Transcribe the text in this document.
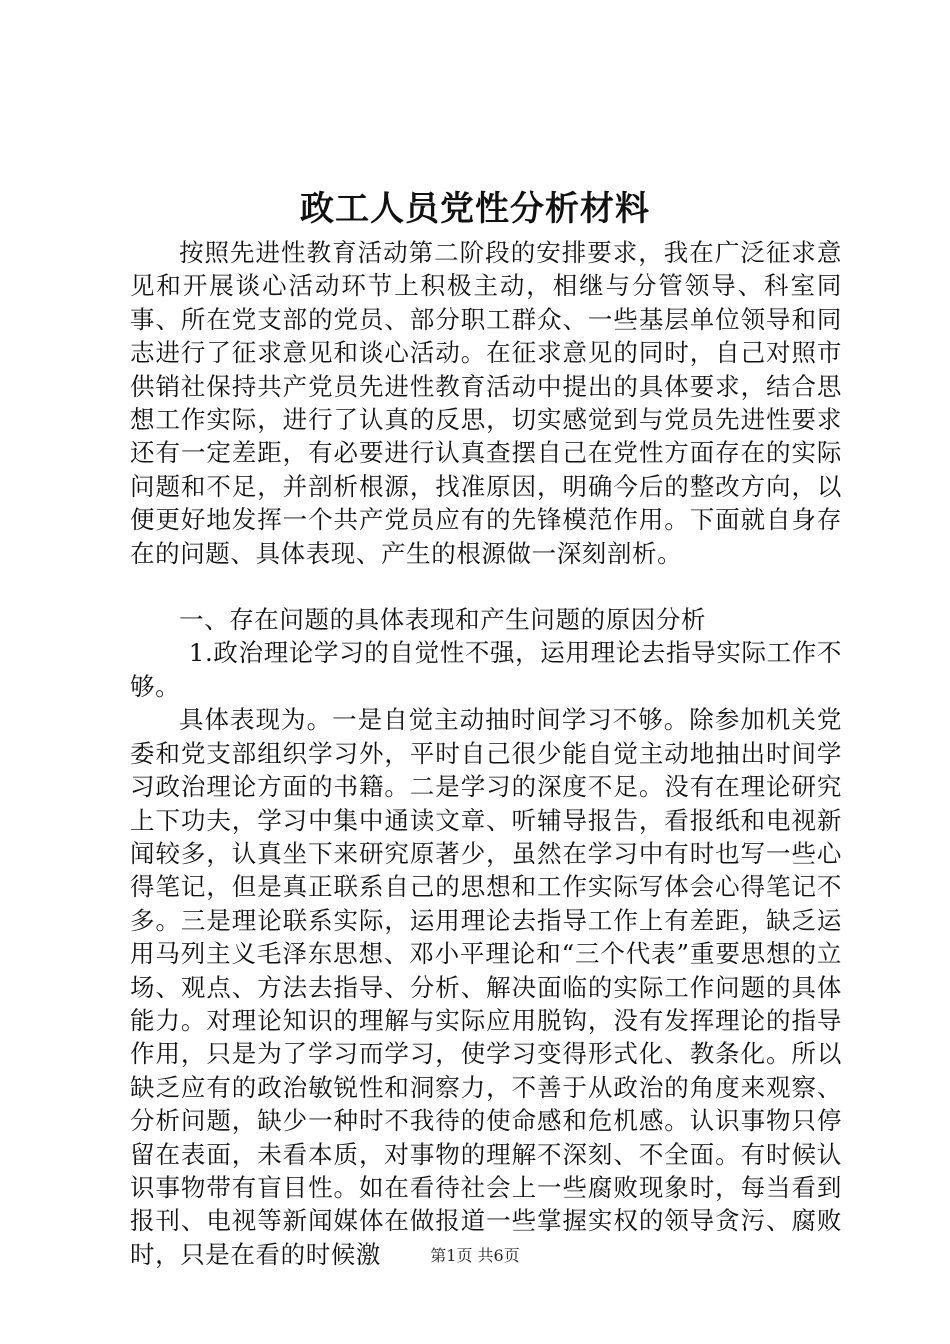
政工人员党性分析材料

按照先进性教育活动第二阶段的安排要求，我在广泛征求意见和开展谈心活动环节上积极主动，相继与分管领导、科室同事、所在党支部的党员、部分职工群众、一些基层单位领导和同志进行了征求意见和谈心活动。在征求意见的同时，自己对照市供销社保持共产党员先进性教育活动中提出的具体要求，结合思想工作实际，进行了认真的反思，切实感觉到与党员先进性要求还有一定差距，有必要进行认真查摆自己在党性方面存在的实际问题和不足，并剖析根源，找准原因，明确今后的整改方向，以便更好地发挥一个共产党员应有的先锋模范作用。下面就自身存在的问题、具体表现、产生的根源做一深刻剖析。

一、存在问题的具体表现和产生问题的原因分析

1.政治理论学习的自觉性不强，运用理论去指导实际工作不够。

具体表现为。一是自觉主动抽时间学习不够。除参加机关党委和党支部组织学习外，平时自己很少能自觉主动地抽出时间学习政治理论方面的书籍。二是学习的深度不足。没有在理论研究上下功夫，学习中集中通读文章、听辅导报告，看报纸和电视新闻较多，认真坐下来研究原著少，虽然在学习中有时也写一些心得笔记，但是真正联系自己的思想和工作实际写体会心得笔记不多。三是理论联系实际，运用理论去指导工作上有差距，缺乏运用马列主义毛泽东思想、邓小平理论和“三个代表”重要思想的立场、观点、方法去指导、分析、解决面临的实际工作问题的具体能力。对理论知识的理解与实际应用脱钩，没有发挥理论的指导作用，只是为了学习而学习，使学习变得形式化、教条化。所以缺乏应有的政治敏锐性和洞察力，不善于从政治的角度来观察、分析问题，缺少一种时不我待的使命感和危机感。认识事物只停留在表面，未看本质，对事物的理解不深刻、不全面。有时候认识事物带有盲目性。如在看待社会上一些腐败现象时，每当看到报刊、电视等新闻媒体在做报道一些掌握实权的领导贪污、腐败时，只是在看的时候激	第1页 共6页
